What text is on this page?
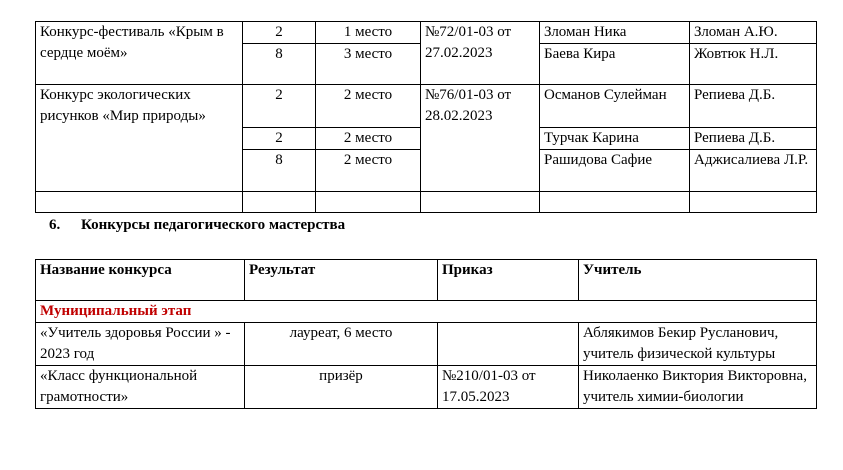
Конкурс-фестиваль «Крым в сердце моём»	2	1 место	№72/01-03 от 27.02.2023	Зломан Ника	Зломан А.Ю.
	8	3 место		Баева Кира	Жовтюк Н.Л.
Конкурс экологических рисунков «Мир природы»	2	2 место	№76/01-03 от 28.02.2023	Османов Сулейман	Репиева Д.Б.
	2	2 место		Турчак Карина	Репиева Д.Б.
	8	2 место		Рашидова Сафие	Аджисалиева Л.Р.

6. Конкурсы педагогического мастерства
Название конкурса	Результат	Приказ	Учитель
Муниципальный этап			
«Учитель здоровья России » - 2023 год	лауреат, 6 место		Аблякимов Бекир Русланович, учитель физической культуры
«Класс функциональной грамотности»	призёр	№210/01-03 от 17.05.2023	Николаенко Виктория Викторовна, учитель химии-биологии
